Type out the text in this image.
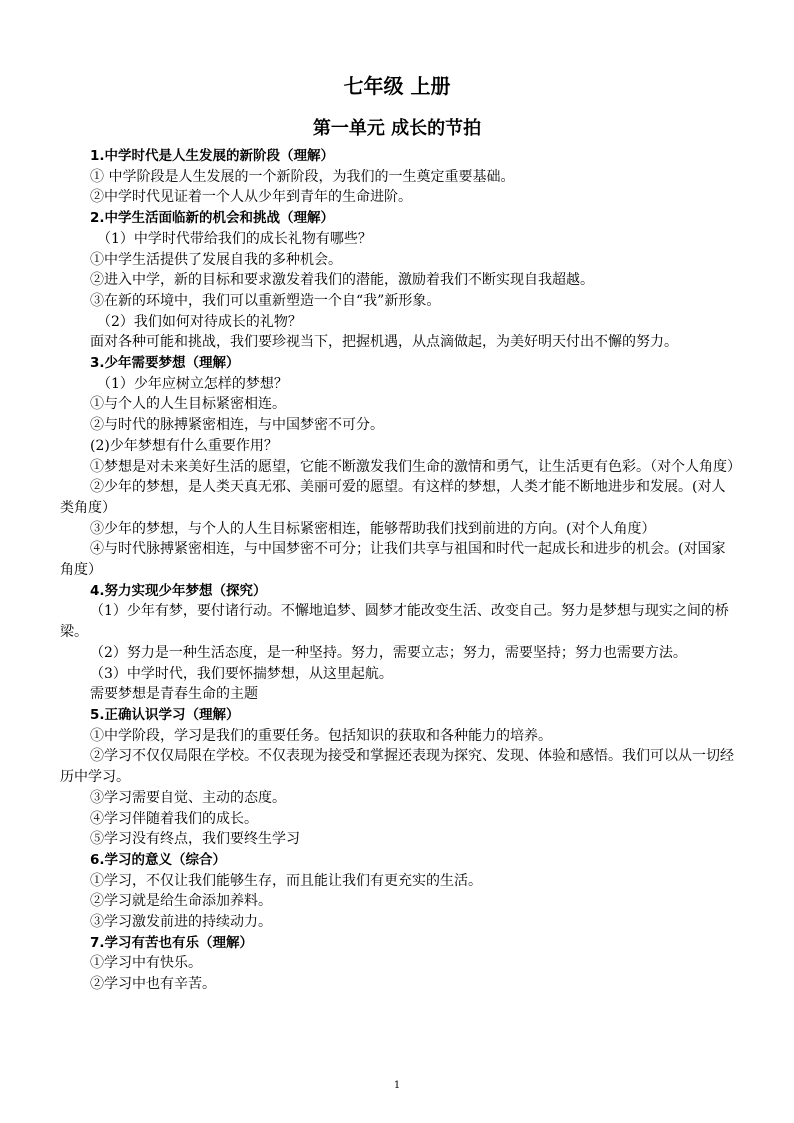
七年级 上册
第一单元 成长的节拍

1.中学时代是人生发展的新阶段（理解）

① 中学阶段是人生发展的一个新阶段，为我们的一生奠定重要基础。

②中学时代见证着一个人从少年到青年的生命进阶。

2.中学生活面临新的机会和挑战（理解）

（1）中学时代带给我们的成长礼物有哪些？

①中学生活提供了发展自我的多种机会。

②进入中学，新的目标和要求激发着我们的潜能，激励着我们不断实现自我超越。

③在新的环境中，我们可以重新塑造一个自“我”新形象。

（2）我们如何对待成长的礼物？

面对各种可能和挑战，我们要珍视当下，把握机遇，从点滴做起，为美好明天付出不懈的努力。

3.少年需要梦想（理解）

（1）少年应树立怎样的梦想？

①与个人的人生目标紧密相连。

②与时代的脉搏紧密相连，与中国梦密不可分。

(2)少年梦想有什么重要作用？

①梦想是对未来美好生活的愿望，它能不断激发我们生命的激情和勇气，让生活更有色彩。（对个人角度）

②少年的梦想，是人类天真无邪、美丽可爱的愿望。有这样的梦想，人类才能不断地进步和发展。(对人类角度）

③少年的梦想，与个人的人生目标紧密相连，能够帮助我们找到前进的方向。(对个人角度）

④与时代脉搏紧密相连，与中国梦密不可分；让我们共享与祖国和时代一起成长和进步的机会。(对国家角度）

4.努力实现少年梦想（探究）

（1）少年有梦，要付诸行动。不懈地追梦、圆梦才能改变生活、改变自己。努力是梦想与现实之间的桥梁。

（2）努力是一种生活态度，是一种坚持。努力，需要立志；努力，需要坚持；努力也需要方法。

（3）中学时代，我们要怀揣梦想，从这里起航。

需要梦想是青春生命的主题

5.正确认识学习（理解）

①中学阶段，学习是我们的重要任务。包括知识的获取和各种能力的培养。

②学习不仅仅局限在学校。不仅表现为接受和掌握还表现为探究、发现、体验和感悟。我们可以从一切经历中学习。

③学习需要自觉、主动的态度。

④学习伴随着我们的成长。

⑤学习没有终点，我们要终生学习

6.学习的意义（综合）

①学习，不仅让我们能够生存，而且能让我们有更充实的生活。

②学习就是给生命添加养料。

③学习激发前进的持续动力。

7.学习有苦也有乐（理解）

①学习中有快乐。

②学习中也有辛苦。

1
